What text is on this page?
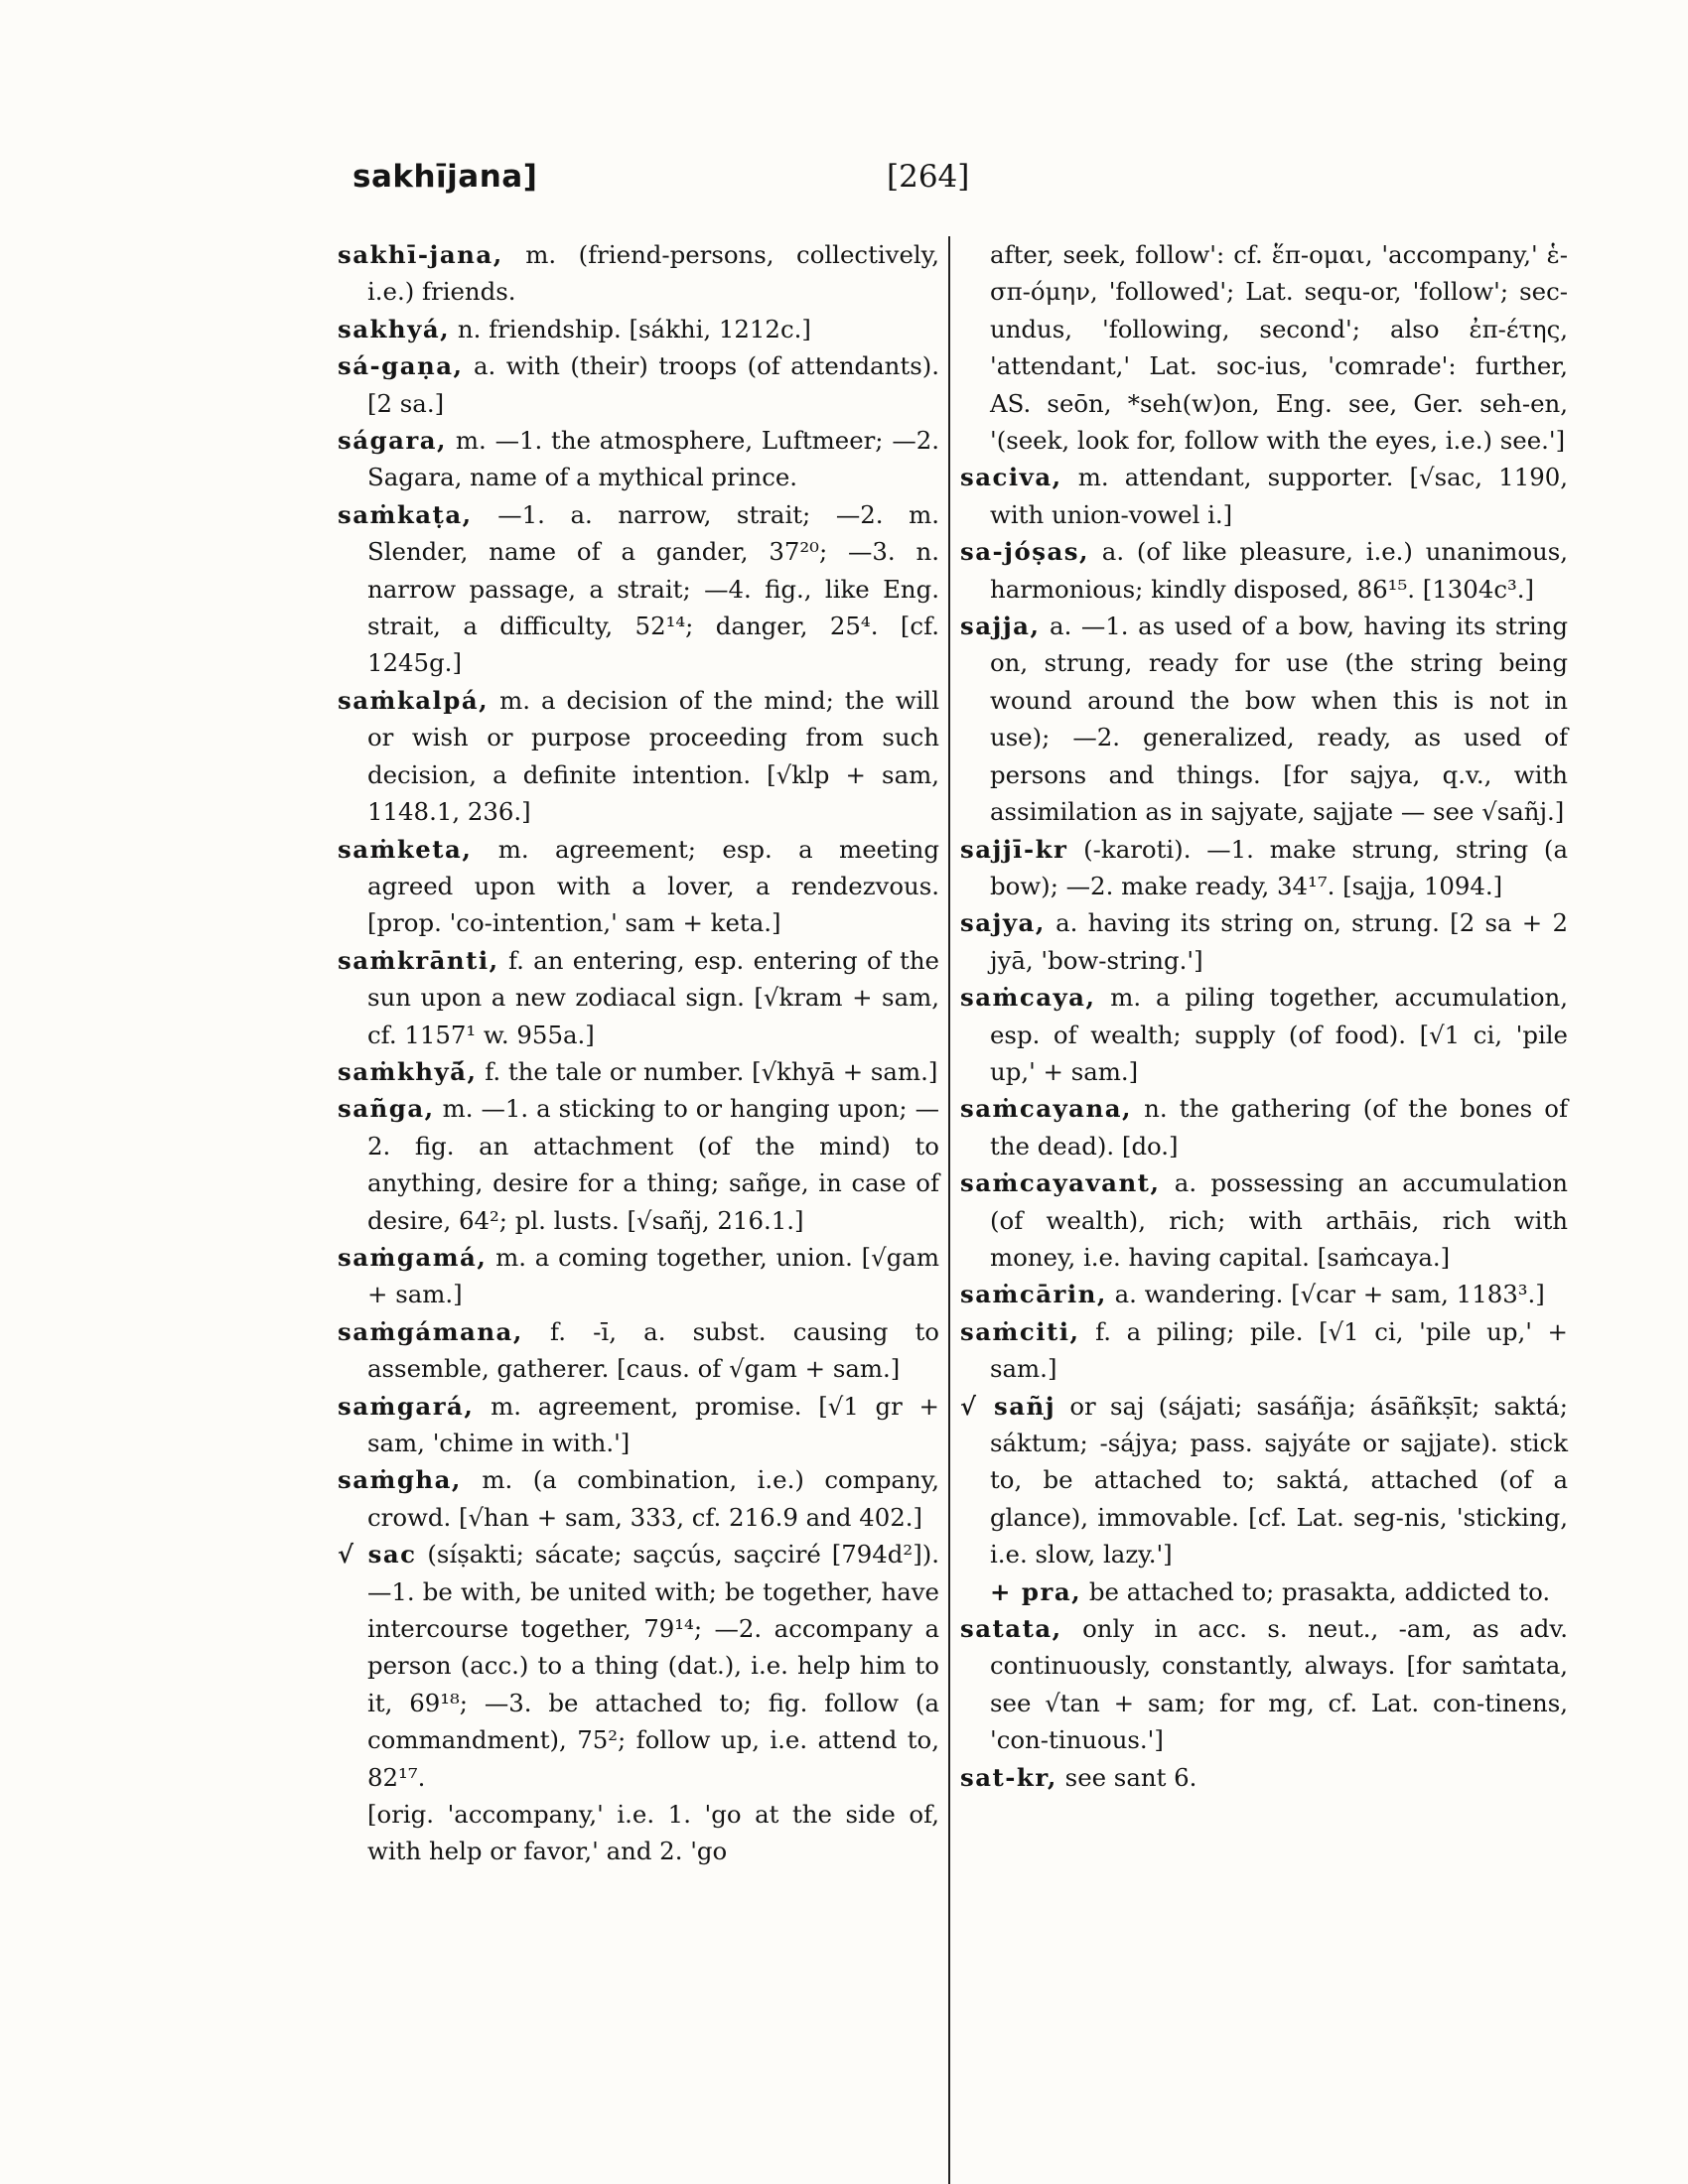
sakhījana]	[264]

sakhī-jana, m. (friend-persons, collectively, i.e.) friends.

sakhyá, n. friendship. [sákhi, 1212c.]

sá-gaṇa, a. with (their) troops (of attendants). [2 sa.]

ságara, m. —1. the atmosphere, Luftmeer; —2. Sagara, name of a mythical prince.

saṁkaṭa, —1. a. narrow, strait; —2. m. Slender, name of a gander, 37²⁰; —3. n. narrow passage, a strait; —4. fig., like Eng. strait, a difficulty, 52¹⁴; danger, 25⁴. [cf. 1245g.]

saṁkalpá, m. a decision of the mind; the will or wish or purpose proceeding from such decision, a definite intention. [√klp + sam, 1148.1, 236.]

saṁketa, m. agreement; esp. a meeting agreed upon with a lover, a rendezvous. [prop. 'co-intention,' sam + keta.]

saṁkrānti, f. an entering, esp. entering of the sun upon a new zodiacal sign. [√kram + sam, cf. 1157¹ w. 955a.]

saṁkhyā́, f. the tale or number. [√khyā + sam.]

sañga, m. —1. a sticking to or hanging upon; —2. fig. an attachment (of the mind) to anything, desire for a thing; sañge, in case of desire, 64²; pl. lusts. [√sañj, 216.1.]

saṁgamá, m. a coming together, union. [√gam + sam.]

saṁgámana, f. -ī, a. subst. causing to assemble, gatherer. [caus. of √gam + sam.]

saṁgará, m. agreement, promise. [√1 gr + sam, 'chime in with.']

saṁgha, m. (a combination, i.e.) company, crowd. [√han + sam, 333, cf. 216.9 and 402.]

√ sac (síṣakti; sácate; saçcús, saçciré [794d²]). —1. be with, be united with; be together, have intercourse together, 79¹⁴; —2. accompany a person (acc.) to a thing (dat.), i.e. help him to it, 69¹⁸; —3. be attached to; fig. follow (a commandment), 75²; follow up, i.e. attend to, 82¹⁷.

[orig. 'accompany,' i.e. 1. 'go at the side of, with help or favor,' and 2. 'go

after, seek, follow': cf. ἕπ-ομαι, 'accompany,' ἑ-σπ-όμην, 'followed'; Lat. sequ-or, 'follow'; sec-undus, 'following, second'; also ἐπ-έτης, 'attendant,' Lat. soc-ius, 'comrade': further, AS. seōn, *seh(w)on, Eng. see, Ger. seh-en, '(seek, look for, follow with the eyes, i.e.) see.']

saciva, m. attendant, supporter. [√sac, 1190, with union-vowel i.]

sa-jóṣas, a. (of like pleasure, i.e.) unanimous, harmonious; kindly disposed, 86¹⁵. [1304c³.]

sajja, a. —1. as used of a bow, having its string on, strung, ready for use (the string being wound around the bow when this is not in use); —2. generalized, ready, as used of persons and things. [for sajya, q.v., with assimilation as in sajyate, sajjate — see √sañj.]

sajjī-kr (-karoti). —1. make strung, string (a bow); —2. make ready, 34¹⁷. [sajja, 1094.]

sajya, a. having its string on, strung. [2 sa + 2 jyā, 'bow-string.']

saṁcaya, m. a piling together, accumulation, esp. of wealth; supply (of food). [√1 ci, 'pile up,' + sam.]

saṁcayana, n. the gathering (of the bones of the dead). [do.]

saṁcayavant, a. possessing an accumulation (of wealth), rich; with arthāis, rich with money, i.e. having capital. [saṁcaya.]

saṁcārin, a. wandering. [√car + sam, 1183³.]

saṁciti, f. a piling; pile. [√1 ci, 'pile up,' + sam.]

√ sañj or saj (sájati; sasáñja; ásāñkṣīt; saktá; sáktum; -sájya; pass. sajyáte or sajjate). stick to, be attached to; saktá, attached (of a glance), immovable. [cf. Lat. seg-nis, 'sticking, i.e. slow, lazy.']

+ pra, be attached to; prasakta, addicted to.

satata, only in acc. s. neut., -am, as adv. continuously, constantly, always. [for saṁtata, see √tan + sam; for mg, cf. Lat. con-tinens, 'con-tinuous.']

sat-kr, see sant 6.
